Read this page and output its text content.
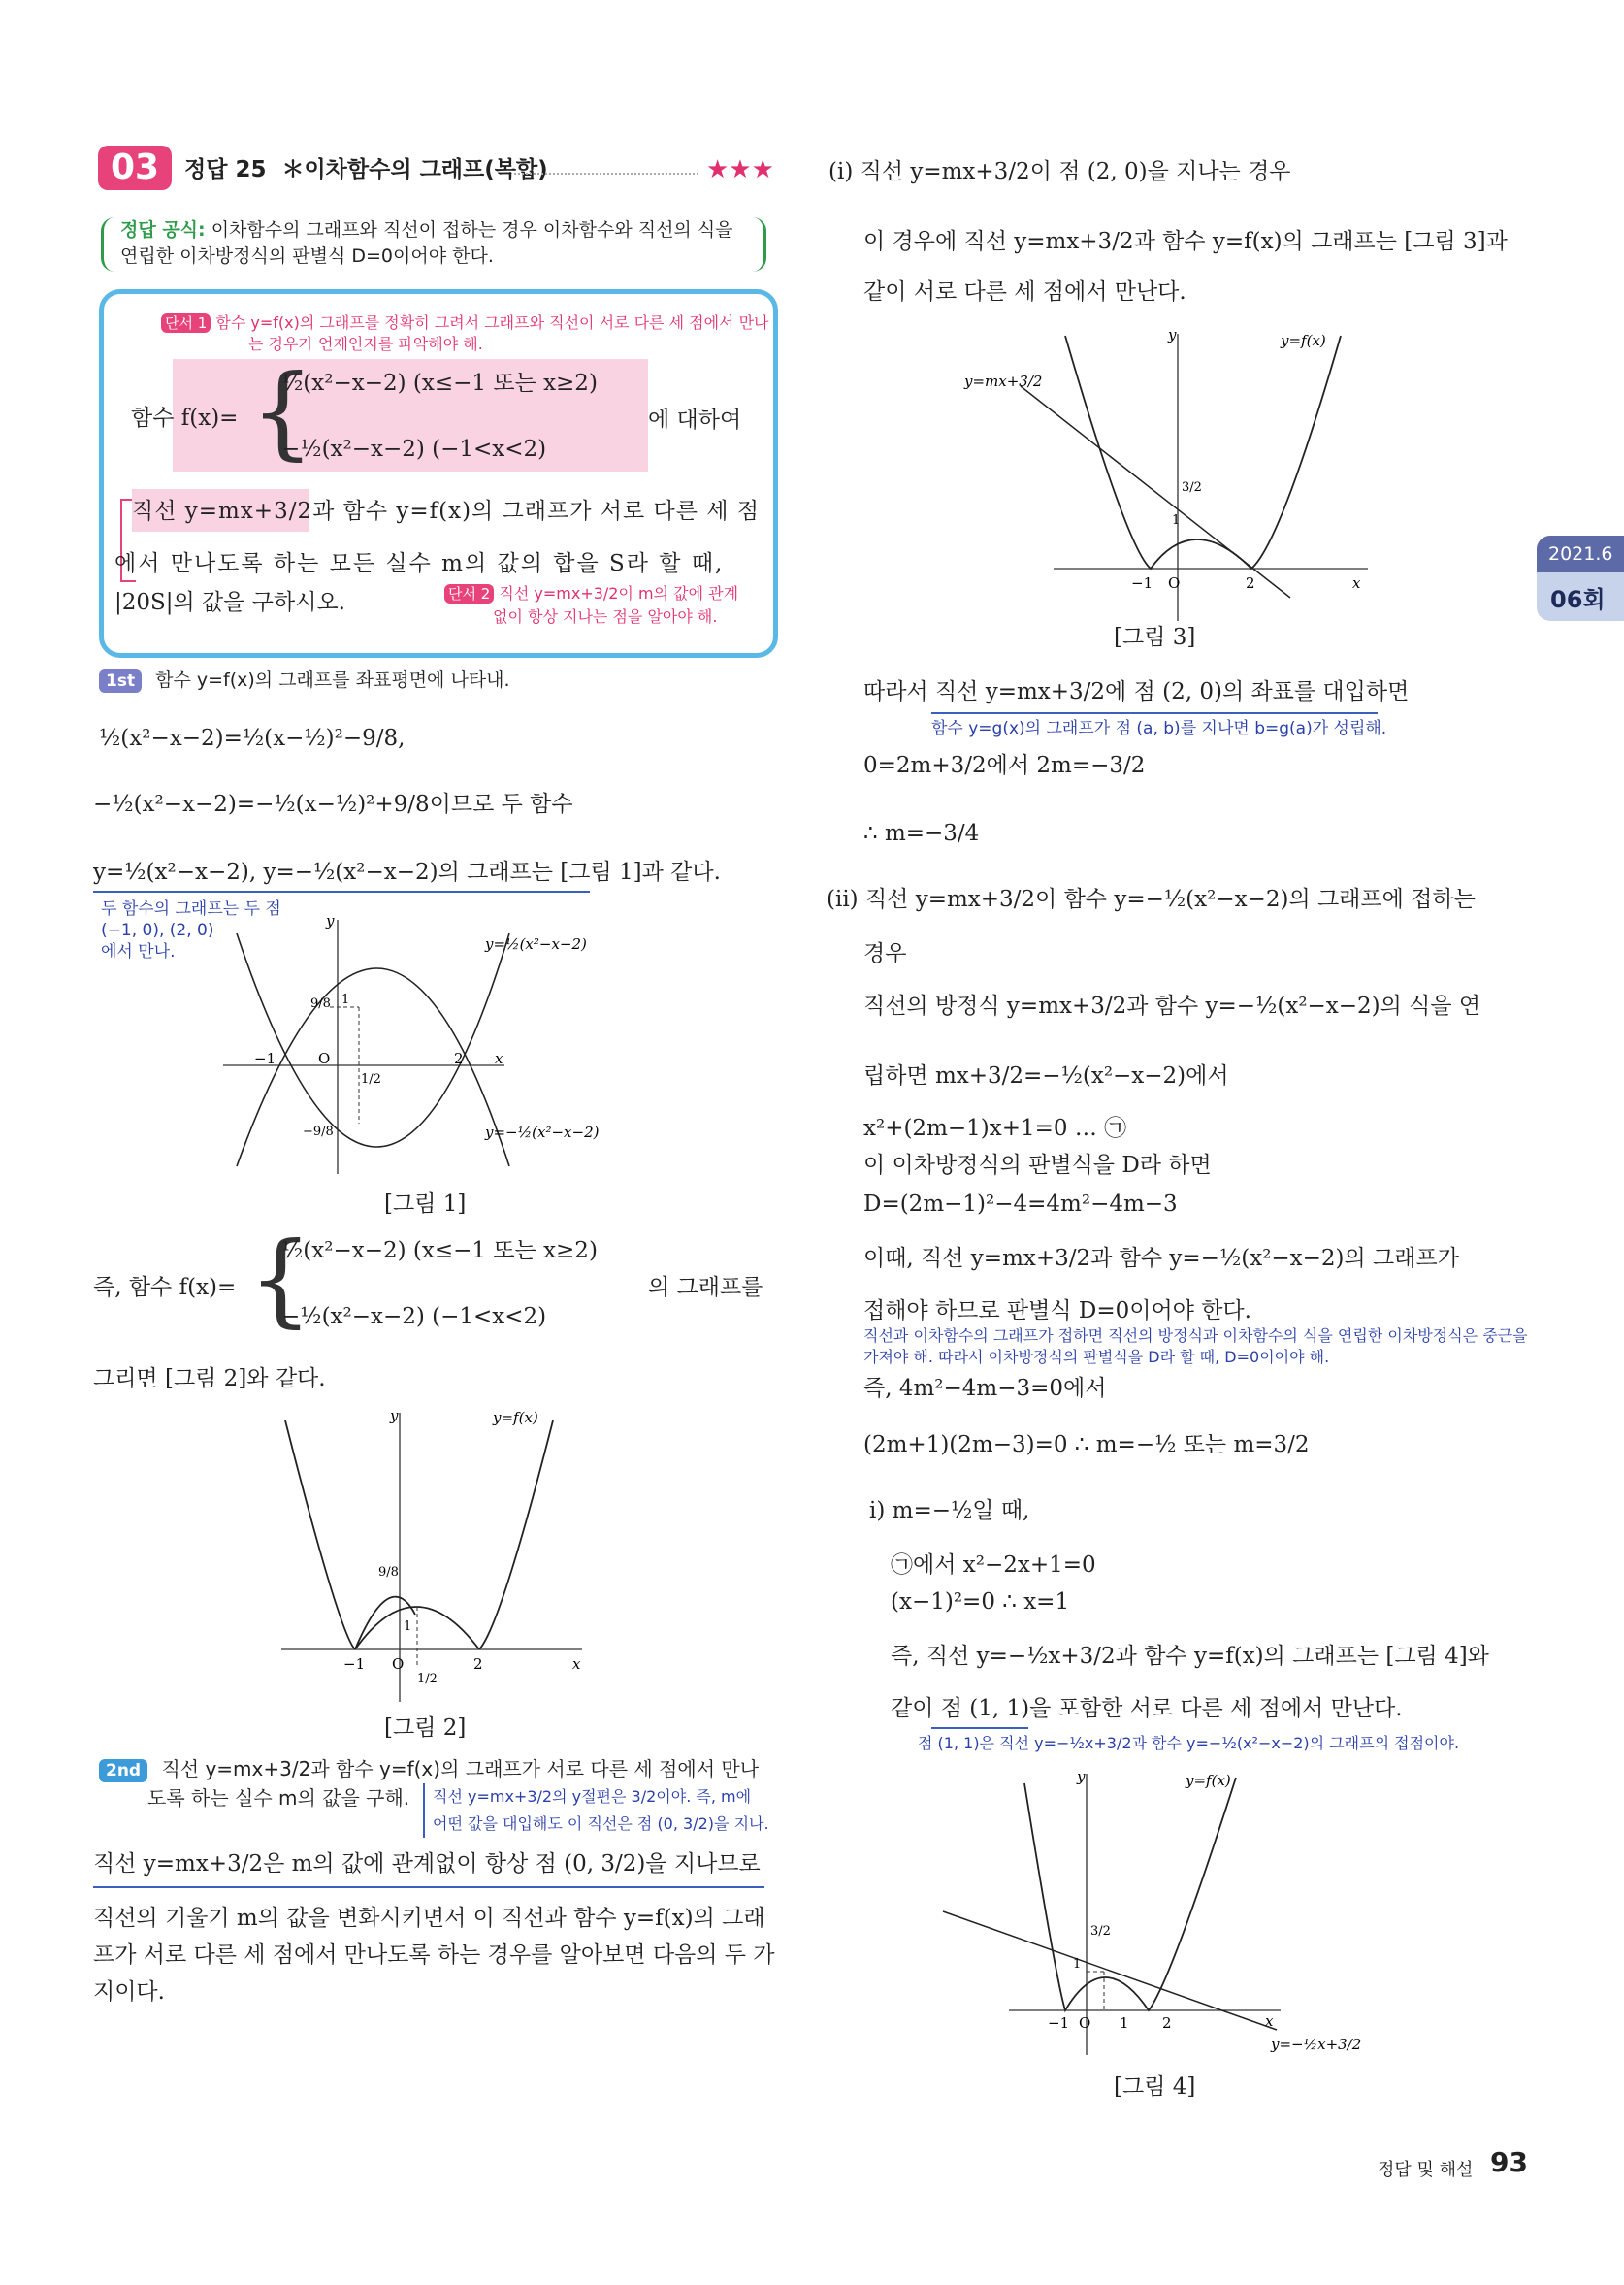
03	정답 25 ＊이차함수의 그래프(복합)	★★★
정답 공식: 이차함수의 그래프와 직선이 접하는 경우 이차함수와 직선의 식을
연립한 이차방정식의 판별식 D=0이어야 한다.
단서 1 함수 y=f(x)의 그래프를 정확히 그려서 그래프와 직선이 서로 다른 세 점에서 만나
는 경우가 언제인지를 파악해야 해.
함수 f(x)= {
½(x²−x−2) (x≤−1 또는 x≥2)
−½(x²−x−2) (−1<x<2)
에 대하여
직선 y=mx+3/2과 함수 y=f(x)의 그래프가 서로 다른 세 점
에서 만나도록 하는 모든 실수 m의 값의 합을 S라 할 때,
|20S|의 값을 구하시오.	단서 2 직선 y=mx+3/2이 m의 값에 관계
없이 항상 지나는 점을 알아야 해.
1st 함수 y=f(x)의 그래프를 좌표평면에 나타내.
½(x²−x−2)=½(x−½)²−9/8,
−½(x²−x−2)=−½(x−½)²+9/8이므로 두 함수
y=½(x²−x−2), y=−½(x²−x−2)의 그래프는 [그림 1]과 같다.
두 함수의 그래프는 두 점
(−1, 0), (2, 0)
에서 만나.
y
x
O
−1	2
1
1/2
9/8
−9/8
y=½(x²−x−2)
y=−½(x²−x−2)
[그림 1]
즉, 함수 f(x)= {
½(x²−x−2) (x≤−1 또는 x≥2)
−½(x²−x−2) (−1<x<2)
의 그래프를
그리면 [그림 2]와 같다.
y
x
y=f(x)
O
−1	2
1/2
1
9/8
[그림 2]
2nd 직선 y=mx+3/2과 함수 y=f(x)의 그래프가 서로 다른 세 점에서 만나
도록 하는 실수 m의 값을 구해.	직선 y=mx+3/2의 y절편은 3/2이야. 즉, m에
어떤 값을 대입해도 이 직선은 점 (0, 3/2)을 지나.
직선 y=mx+3/2은 m의 값에 관계없이 항상 점 (0, 3/2)을 지나므로
직선의 기울기 m의 값을 변화시키면서 이 직선과 함수 y=f(x)의 그래
프가 서로 다른 세 점에서 만나도록 하는 경우를 알아보면 다음의 두 가
지이다.
(i) 직선 y=mx+3/2이 점 (2, 0)을 지나는 경우
이 경우에 직선 y=mx+3/2과 함수 y=f(x)의 그래프는 [그림 3]과
같이 서로 다른 세 점에서 만난다.
y
x
y=f(x)
y=mx+3/2
O
−1	2
1
3/2
[그림 3]
따라서 직선 y=mx+3/2에 점 (2, 0)의 좌표를 대입하면
함수 y=g(x)의 그래프가 점 (a, b)를 지나면 b=g(a)가 성립해.
0=2m+3/2에서 2m=−3/2
∴ m=−3/4
(ii) 직선 y=mx+3/2이 함수 y=−½(x²−x−2)의 그래프에 접하는
경우
직선의 방정식 y=mx+3/2과 함수 y=−½(x²−x−2)의 식을 연
립하면 mx+3/2=−½(x²−x−2)에서
x²+(2m−1)x+1=0 … ㉠
이 이차방정식의 판별식을 D라 하면
D=(2m−1)²−4=4m²−4m−3
이때, 직선 y=mx+3/2과 함수 y=−½(x²−x−2)의 그래프가
접해야 하므로 판별식 D=0이어야 한다.
직선과 이차함수의 그래프가 접하면 직선의 방정식과 이차함수의 식을 연립한 이차방정식은 중근을
가져야 해. 따라서 이차방정식의 판별식을 D라 할 때, D=0이어야 해.
즉, 4m²−4m−3=0에서
(2m+1)(2m−3)=0 ∴ m=−½ 또는 m=3/2
i) m=−½일 때,
㉠에서 x²−2x+1=0
(x−1)²=0 ∴ x=1
즉, 직선 y=−½x+3/2과 함수 y=f(x)의 그래프는 [그림 4]와
같이 점 (1, 1)을 포함한 서로 다른 세 점에서 만난다.
점 (1, 1)은 직선 y=−½x+3/2과 함수 y=−½(x²−x−2)의 그래프의 접점이야.
y
x
y=f(x)
y=−½x+3/2
O
−1	1 2
1
3/2
[그림 4]
2021.6
06회
정답 및 해설 93
